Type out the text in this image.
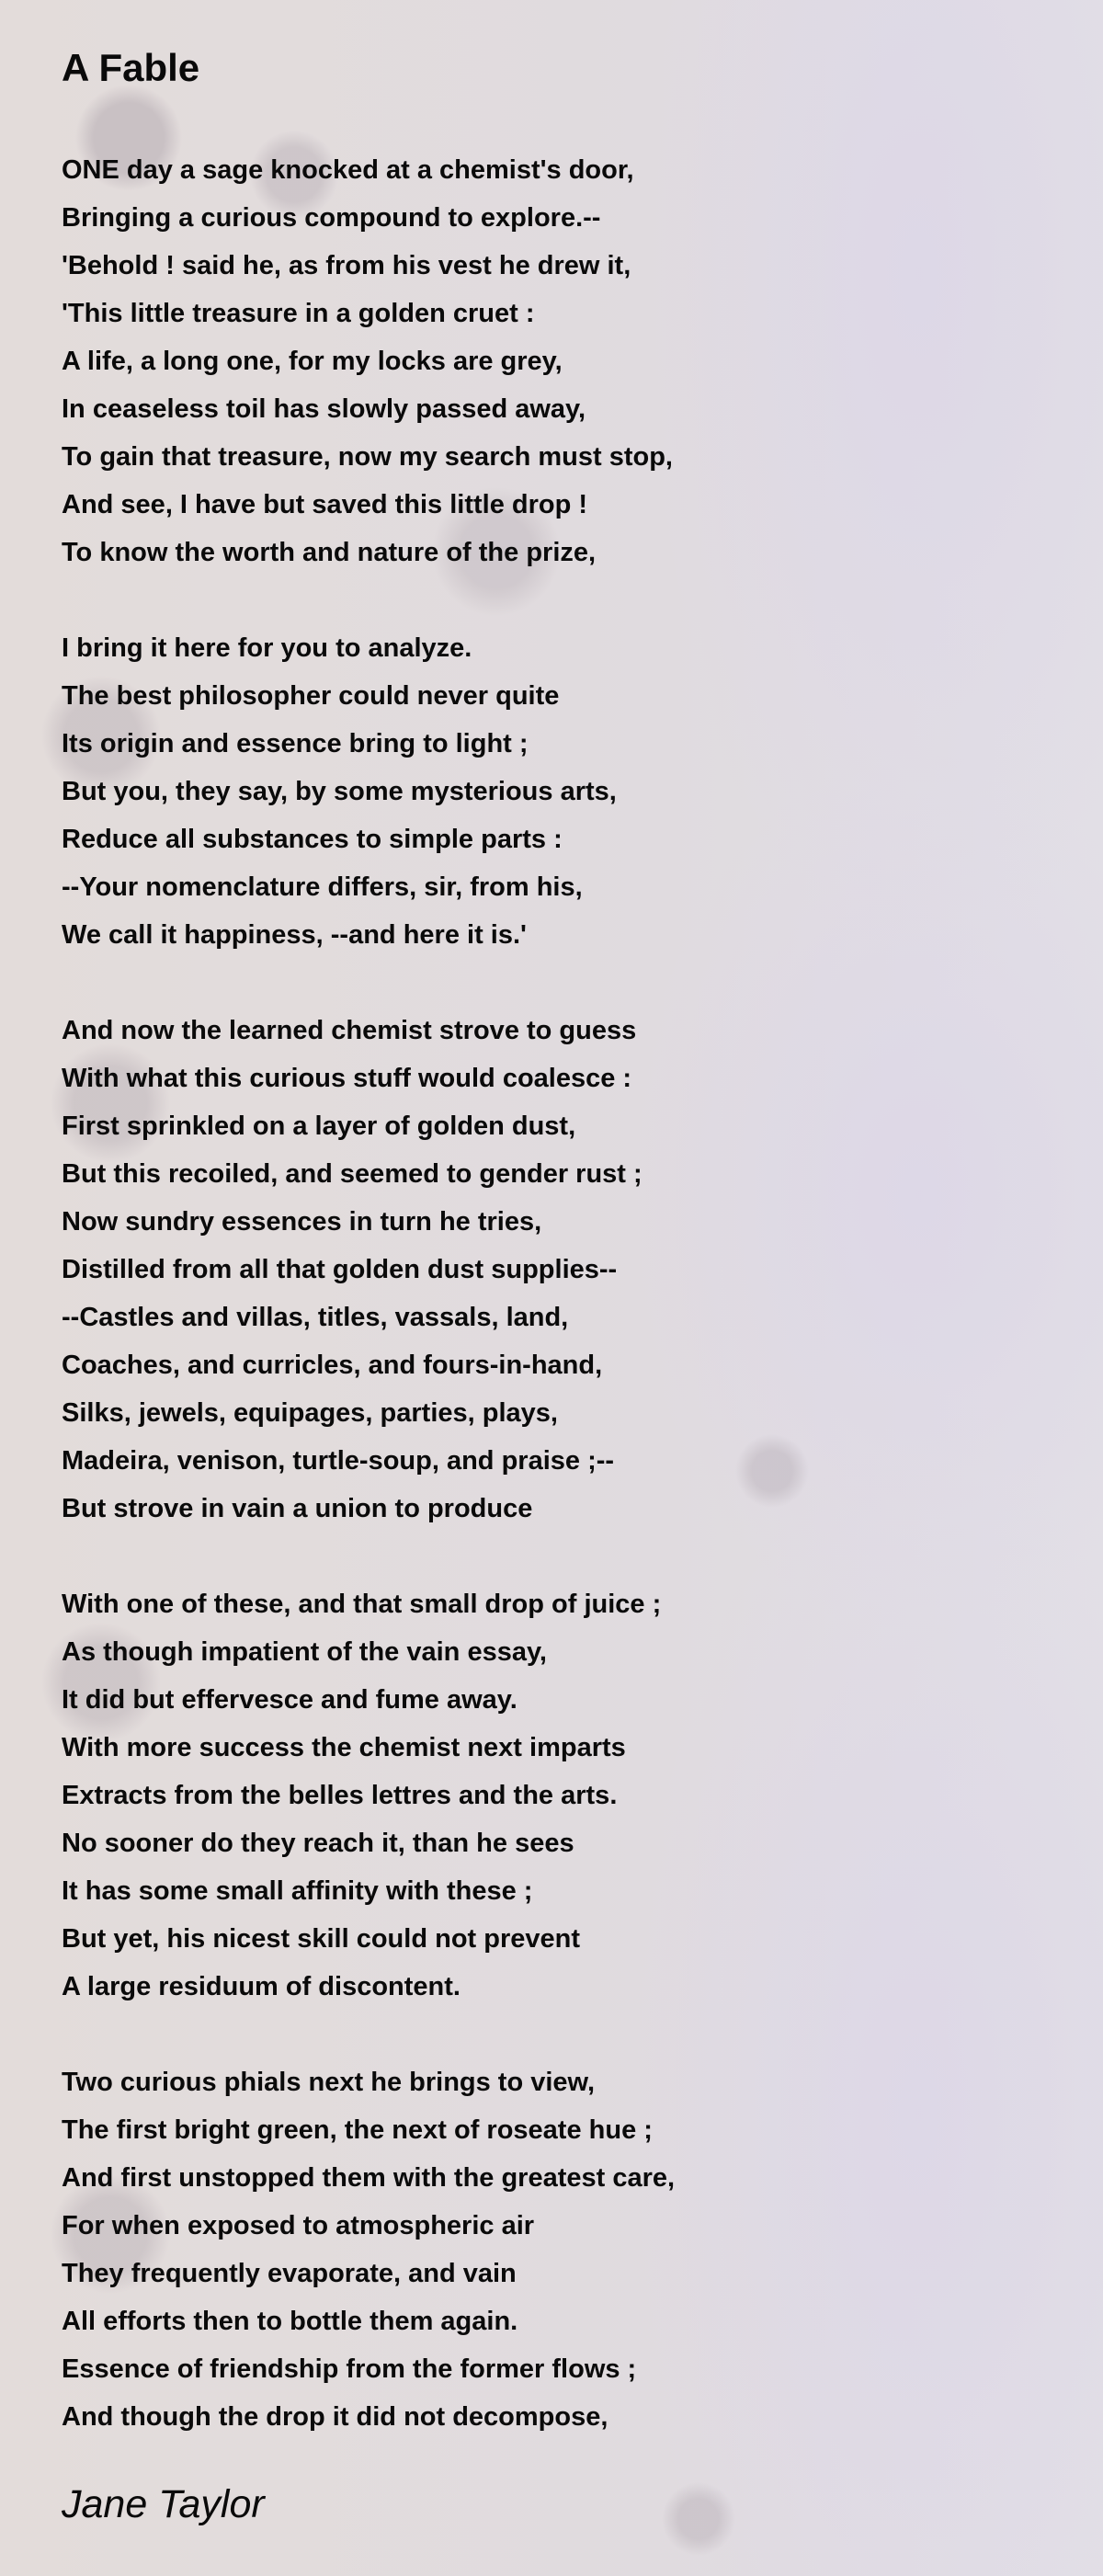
A Fable
ONE day a sage knocked at a chemist's door,
Bringing a curious compound to explore.--
'Behold ! said he, as from his vest he drew it,
'This little treasure in a golden cruet :
A life, a long one, for my locks are grey,
In ceaseless toil has slowly passed away,
To gain that treasure, now my search must stop,
And see, I have but saved this little drop !
To know the worth and nature of the prize,
I bring it here for you to analyze.
The best philosopher could never quite
Its origin and essence bring to light ;
But you, they say, by some mysterious arts,
Reduce all substances to simple parts :
--Your nomenclature differs, sir, from his,
We call it happiness, --and here it is.'
And now the learned chemist strove to guess
With what this curious stuff would coalesce :
First sprinkled on a layer of golden dust,
But this recoiled, and seemed to gender rust ;
Now sundry essences in turn he tries,
Distilled from all that golden dust supplies--
--Castles and villas, titles, vassals, land,
Coaches, and curricles, and fours-in-hand,
Silks, jewels, equipages, parties, plays,
Madeira, venison, turtle-soup, and praise ;--
But strove in vain a union to produce
With one of these, and that small drop of juice ;
As though impatient of the vain essay,
It did but effervesce and fume away.
With more success the chemist next imparts
Extracts from the belles lettres and the arts.
No sooner do they reach it, than he sees
It has some small affinity with these ;
But yet, his nicest skill could not prevent
A large residuum of discontent.
Two curious phials next he brings to view,
The first bright green, the next of roseate hue ;
And first unstopped them with the greatest care,
For when exposed to atmospheric air
They frequently evaporate, and vain
All efforts then to bottle them again.
Essence of friendship from the former flows ;
And though the drop it did not decompose,

Jane Taylor
